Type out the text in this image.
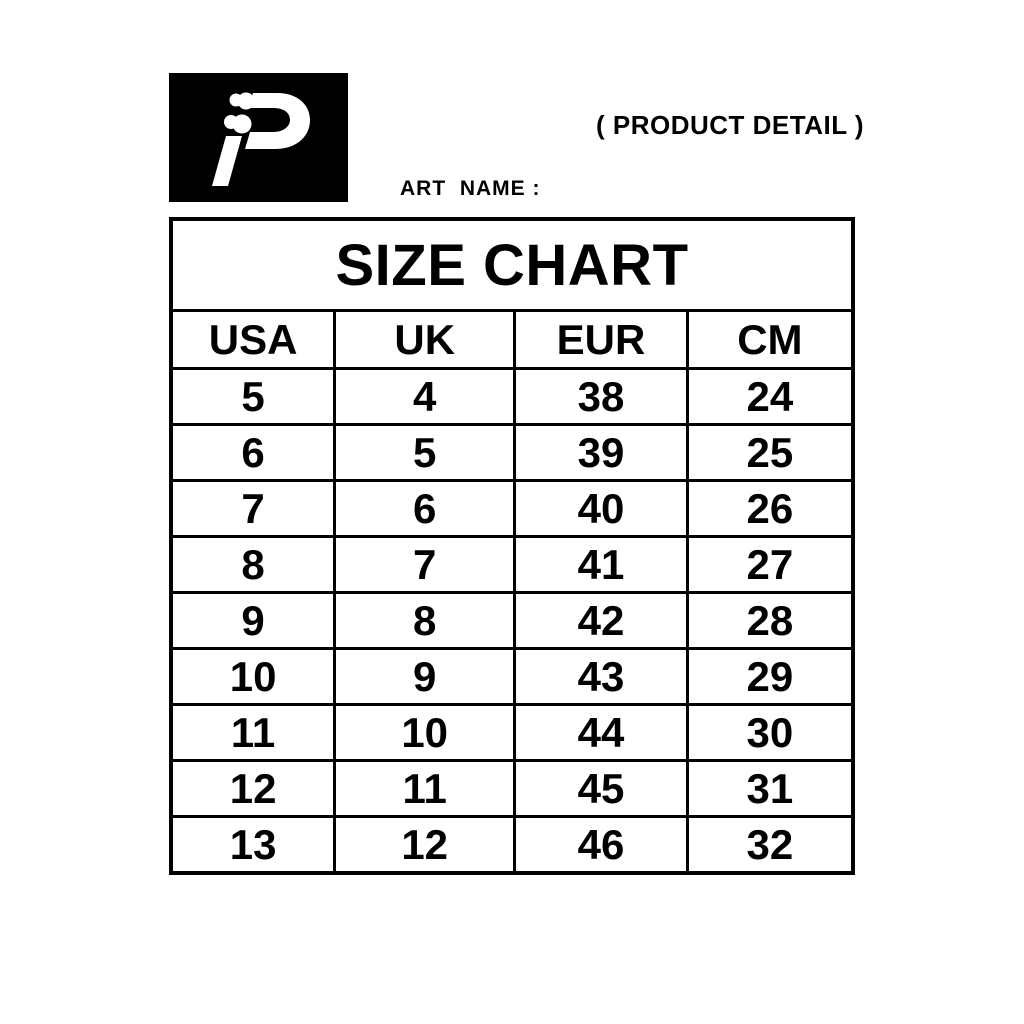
( PRODUCT DETAIL )
ART  NAME :
SIZE CHART			
USA	UK	EUR	CM
5	4	38	24
6	5	39	25
7	6	40	26
8	7	41	27
9	8	42	28
10	9	43	29
11	10	44	30
12	11	45	31
13	12	46	32
